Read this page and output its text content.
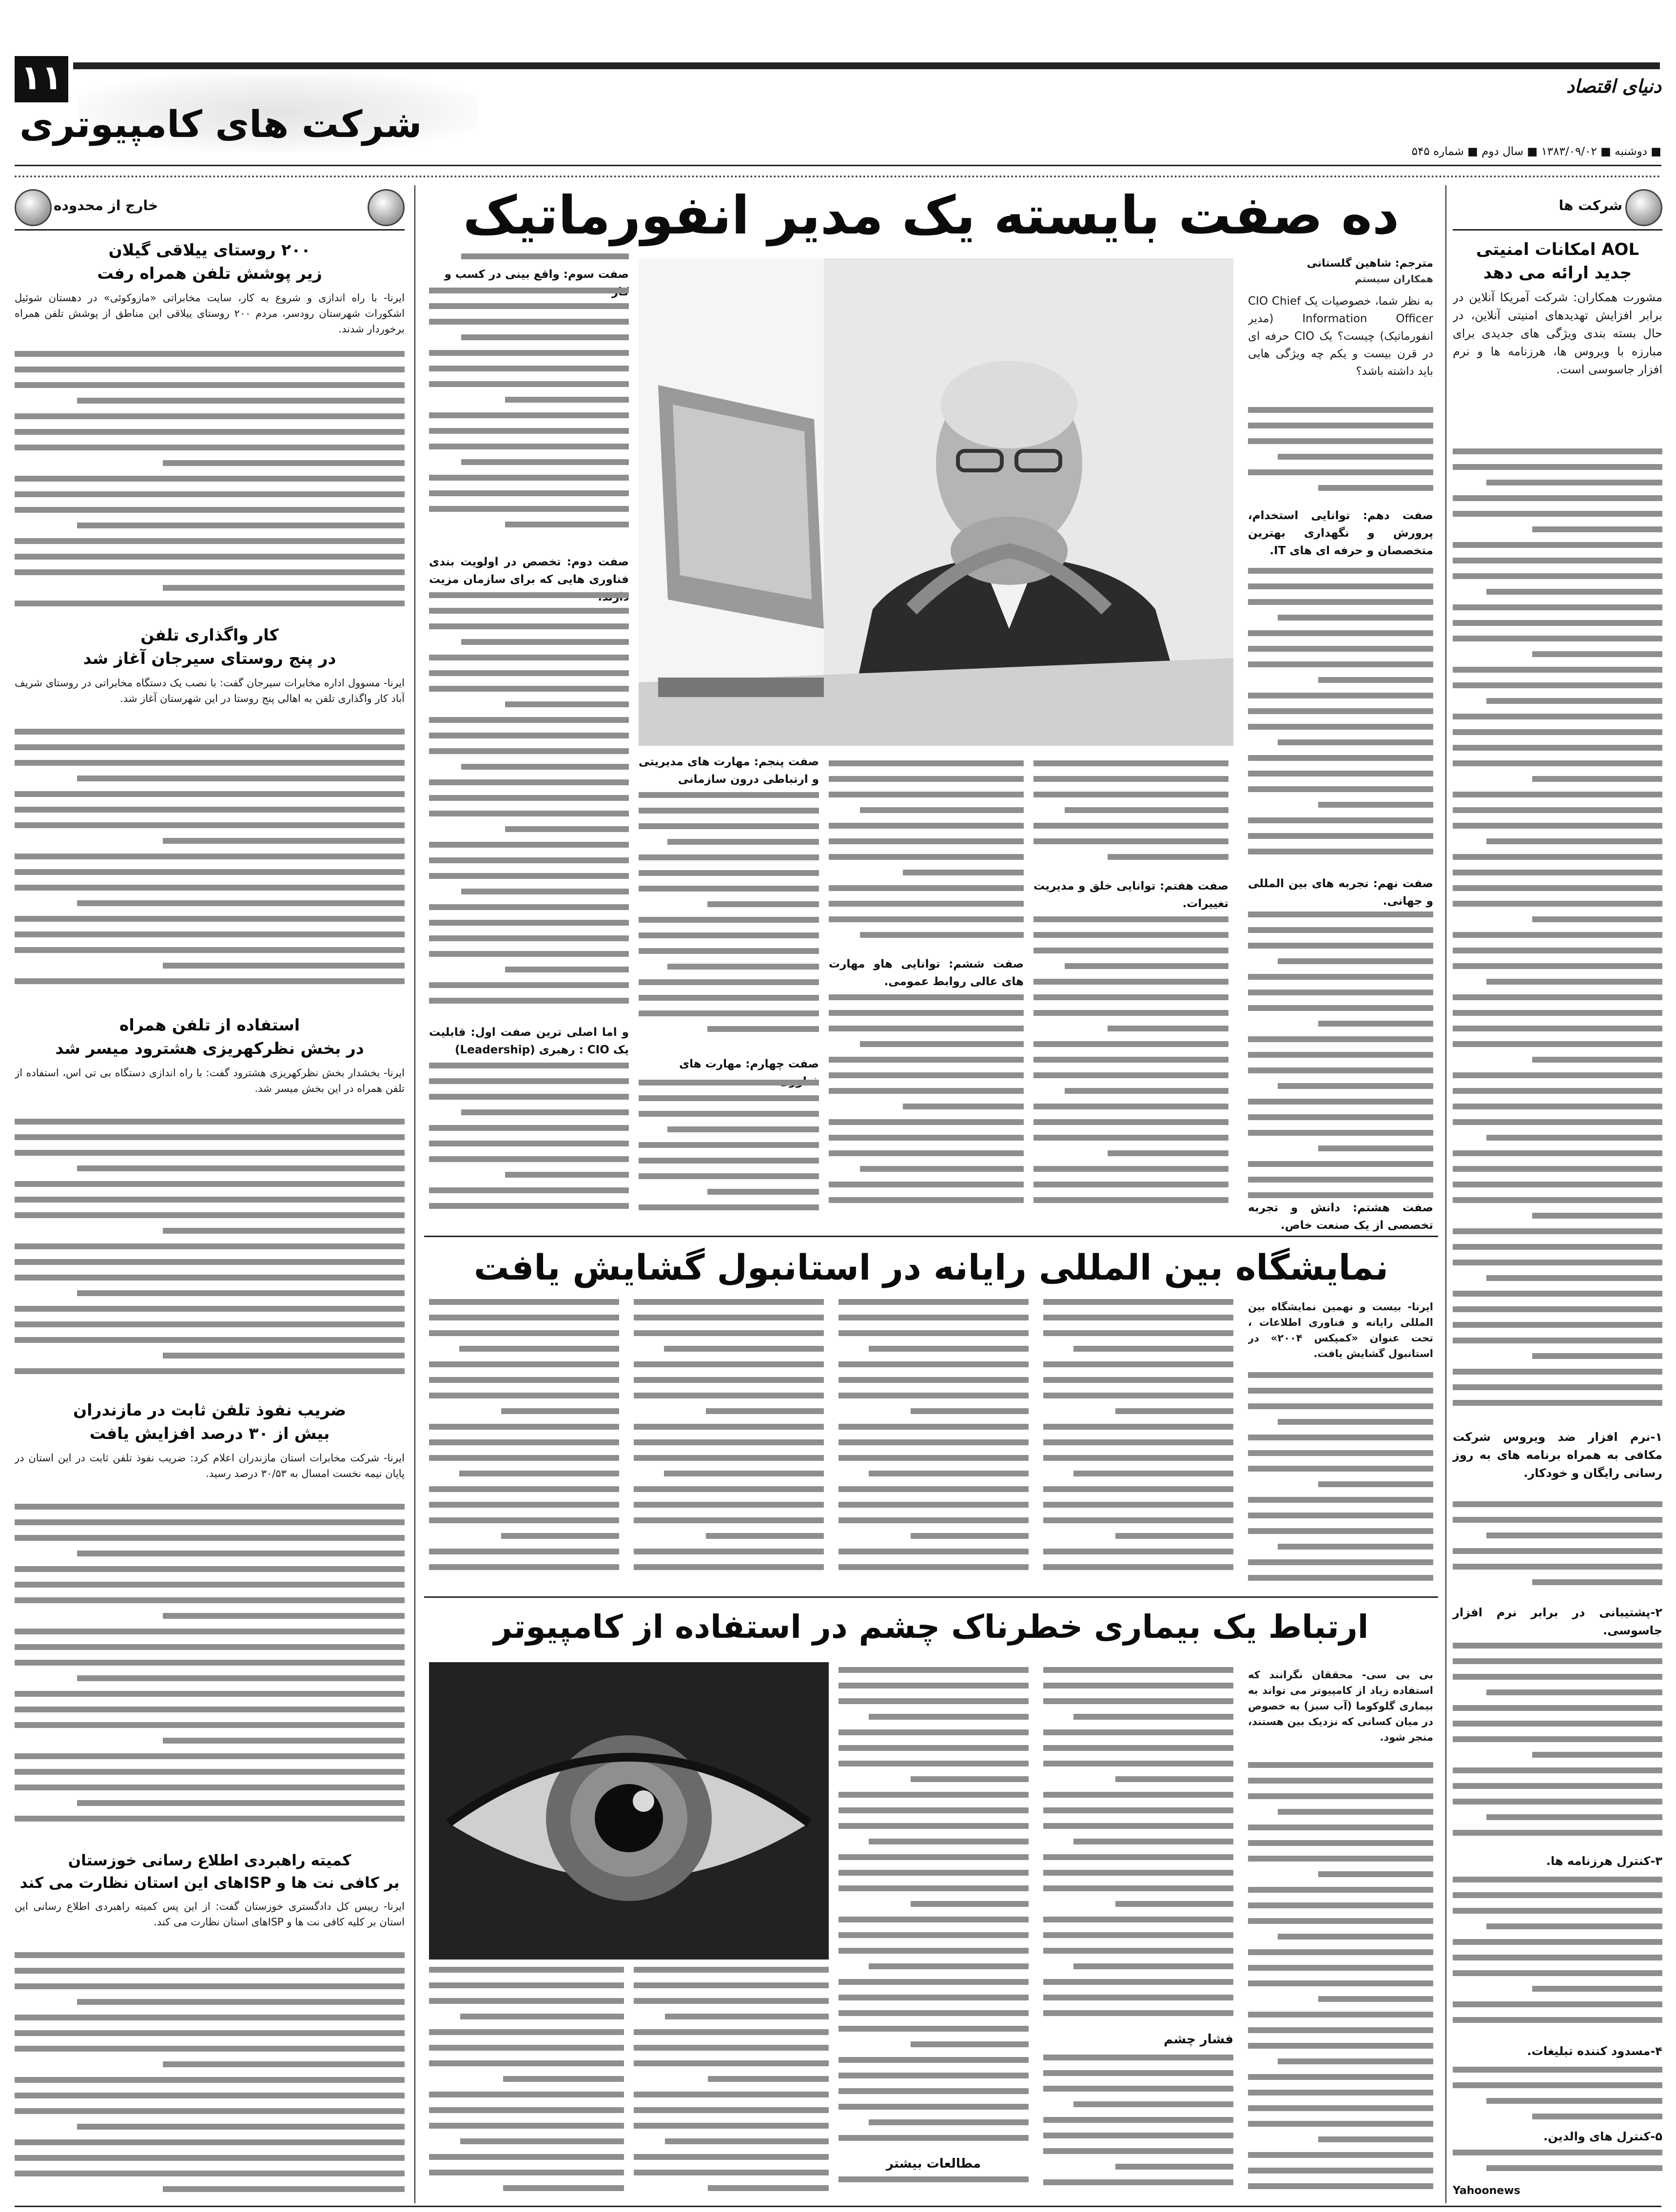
۱۱	دنیای اقتصاد
شرکت های کامپیوتری
■ دوشنبه ■ ۱۳۸۳/۰۹/۰۲ ■ سال دوم ■ شماره ۵۴۵
شرکت ها
AOL امکانات امنیتی
جدید ارائه می دهد
مشورت همکاران: شرکت آمریکا آنلاین در برابر افزایش تهدیدهای امنیتی آنلاین، در حال بسته بندی ویژگی های جدیدی برای مبارزه با ویروس ها، هرزنامه ها و نرم افزار جاسوسی است.
۱-نرم افزار ضد ویروس شرکت مکافی به همراه برنامه های به روز رسانی رایگان و خودکار.
۲-پشتیبانی در برابر نرم افزار جاسوسی.
۳-کنترل هرزنامه ها.
۴-مسدود کننده تبلیغات.
۵-کنترل های والدین.
Yahoonews
خارج از محدوده
۲۰۰ روستای ییلاقی گیلان
زیر پوشش تلفن همراه رفت
ایرنا- با راه اندازی و شروع به کار، سایت مخابراتی «مازوکوئی» در دهستان شوئیل اشکورات شهرستان رودسر، مردم ۲۰۰ روستای ییلاقی این مناطق از پوشش تلفن همراه برخوردار شدند.
کار واگذاری تلفن
در پنج روستای سیرجان آغاز شد
ایرنا- مسوول اداره مخابرات سیرجان گفت: با نصب یک دستگاه مخابراتی در روستای شریف آباد کار واگذاری تلفن به اهالی پنج روستا در این شهرستان آغاز شد.
استفاده از تلفن همراه
در بخش نظرکهریزی هشترود میسر شد
ایرنا- بخشدار بخش نظرکهریزی هشترود گفت: با راه اندازی دستگاه بی تی اس، استفاده از تلفن همراه در این بخش میسر شد.
ضریب نفوذ تلفن ثابت در مازندران
بیش از ۳۰ درصد افزایش یافت
ایرنا- شرکت مخابرات استان مازندران اعلام کرد: ضریب نفوذ تلفن ثابت در این استان در پایان نیمه نخست امسال به ۳۰/۵۳ درصد رسید.
کمیته راهبردی اطلاع رسانی خوزستان
بر کافی نت ها و ISPهای این استان نظارت می کند
ایرنا- رییس کل دادگستری خوزستان گفت: از این پس کمیته راهبردی اطلاع رسانی این استان بر کلیه کافی نت ها و ISPهای استان نظارت می کند.
ده صفت بایسته یک مدیر انفورماتیک
مترجم: شاهین گلستانی
همکاران سیستم
به نظر شما، خصوصیات یک CIO Chief Information Officer (مدیر انفورماتیک) چیست؟ یک CIO حرفه ای در قرن بیست و یکم چه ویژگی هایی باید داشته باشد؟
صفت دهم: توانایی استخدام، پرورش و نگهداری بهترین متخصصان و حرفه ای های IT.
صفت نهم: تجربه های بین المللی و جهانی.
صفت هشتم: دانش و تجربه تخصصی از یک صنعت خاص.
صفت هفتم: توانایی خلق و مدیریت تغییرات.
صفت ششم: توانایی هاو مهارت های عالی روابط عمومی.
صفت پنجم: مهارت های مدیریتی و ارتباطی درون سازمانی
صفت چهارم: مهارت های
صفت سوم: واقع بینی در کسب و
صفت دوم: تخصص در اولویت بندی فناوری هایی که برای سازمان مزیت
و اما اصلی ترین صفت اول: قابلیت یک CIO : رهبری (Leadership)
نمایشگاه بین المللی رایانه در استانبول گشایش یافت
ایرنا- بیست و نهمین نمایشگاه بین المللی رایانه و فناوری اطلاعات ، تحت عنوان «کمپکس ۲۰۰۴» در استانبول گشایش یافت.
ارتباط یک بیماری خطرناک چشم در استفاده از کامپیوتر
بی بی سی- محققان نگرانند که استفاده زیاد از کامپیوتر می تواند به بیماری گلوکوما (آب سبز) به خصوص در میان کسانی که نزدیک بین هستند، منجر شود.
فشار چشم
مطالعات بیشتر
